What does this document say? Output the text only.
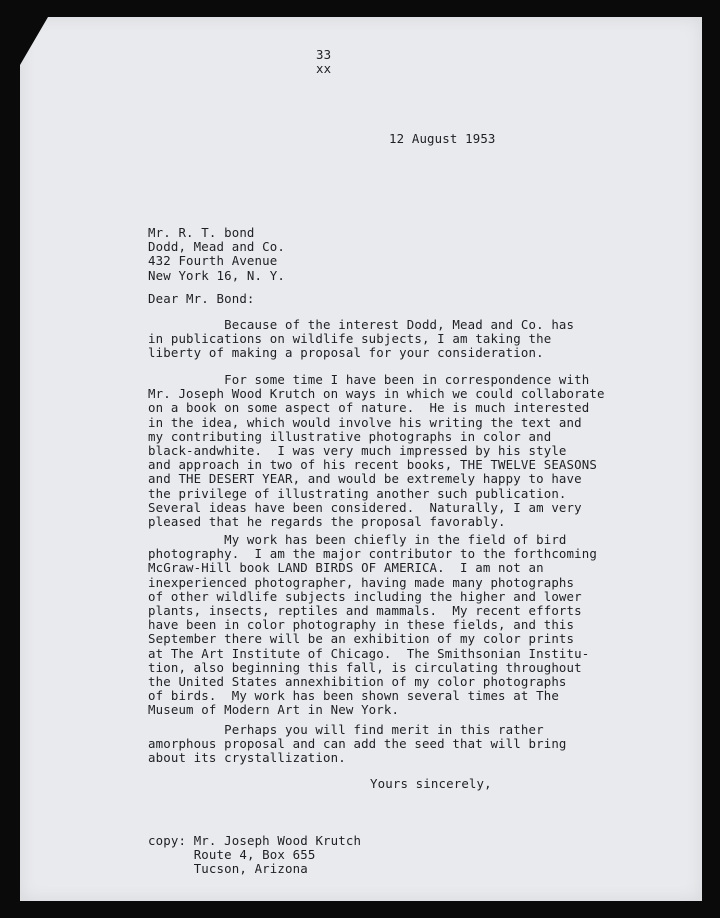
33
xx
12 August 1953
Mr. R. T. bond
Dodd, Mead and Co.
432 Fourth Avenue
New York 16, N. Y.
Dear Mr. Bond:
Because of the interest Dodd, Mead and Co. has
in publications on wildlife subjects, I am taking the
liberty of making a proposal for your consideration.
For some time I have been in correspondence with
Mr. Joseph Wood Krutch on ways in which we could collaborate
on a book on some aspect of nature.  He is much interested
in the idea, which would involve his writing the text and
my contributing illustrative photographs in color and
black-andwhite.  I was very much impressed by his style
and approach in two of his recent books, THE TWELVE SEASONS
and THE DESERT YEAR, and would be extremely happy to have
the privilege of illustrating another such publication.
Several ideas have been considered.  Naturally, I am very
pleased that he regards the proposal favorably.
My work has been chiefly in the field of bird
photography.  I am the major contributor to the forthcoming
McGraw-Hill book LAND BIRDS OF AMERICA.  I am not an
inexperienced photographer, having made many photographs
of other wildlife subjects including the higher and lower
plants, insects, reptiles and mammals.  My recent efforts
have been in color photography in these fields, and this
September there will be an exhibition of my color prints
at The Art Institute of Chicago.  The Smithsonian Institu-
tion, also beginning this fall, is circulating throughout
the United States annexhibition of my color photographs
of birds.  My work has been shown several times at The
Museum of Modern Art in New York.
Perhaps you will find merit in this rather
amorphous proposal and can add the seed that will bring
about its crystallization.
Yours sincerely,
copy: Mr. Joseph Wood Krutch
Route 4, Box 655
Tucson, Arizona
